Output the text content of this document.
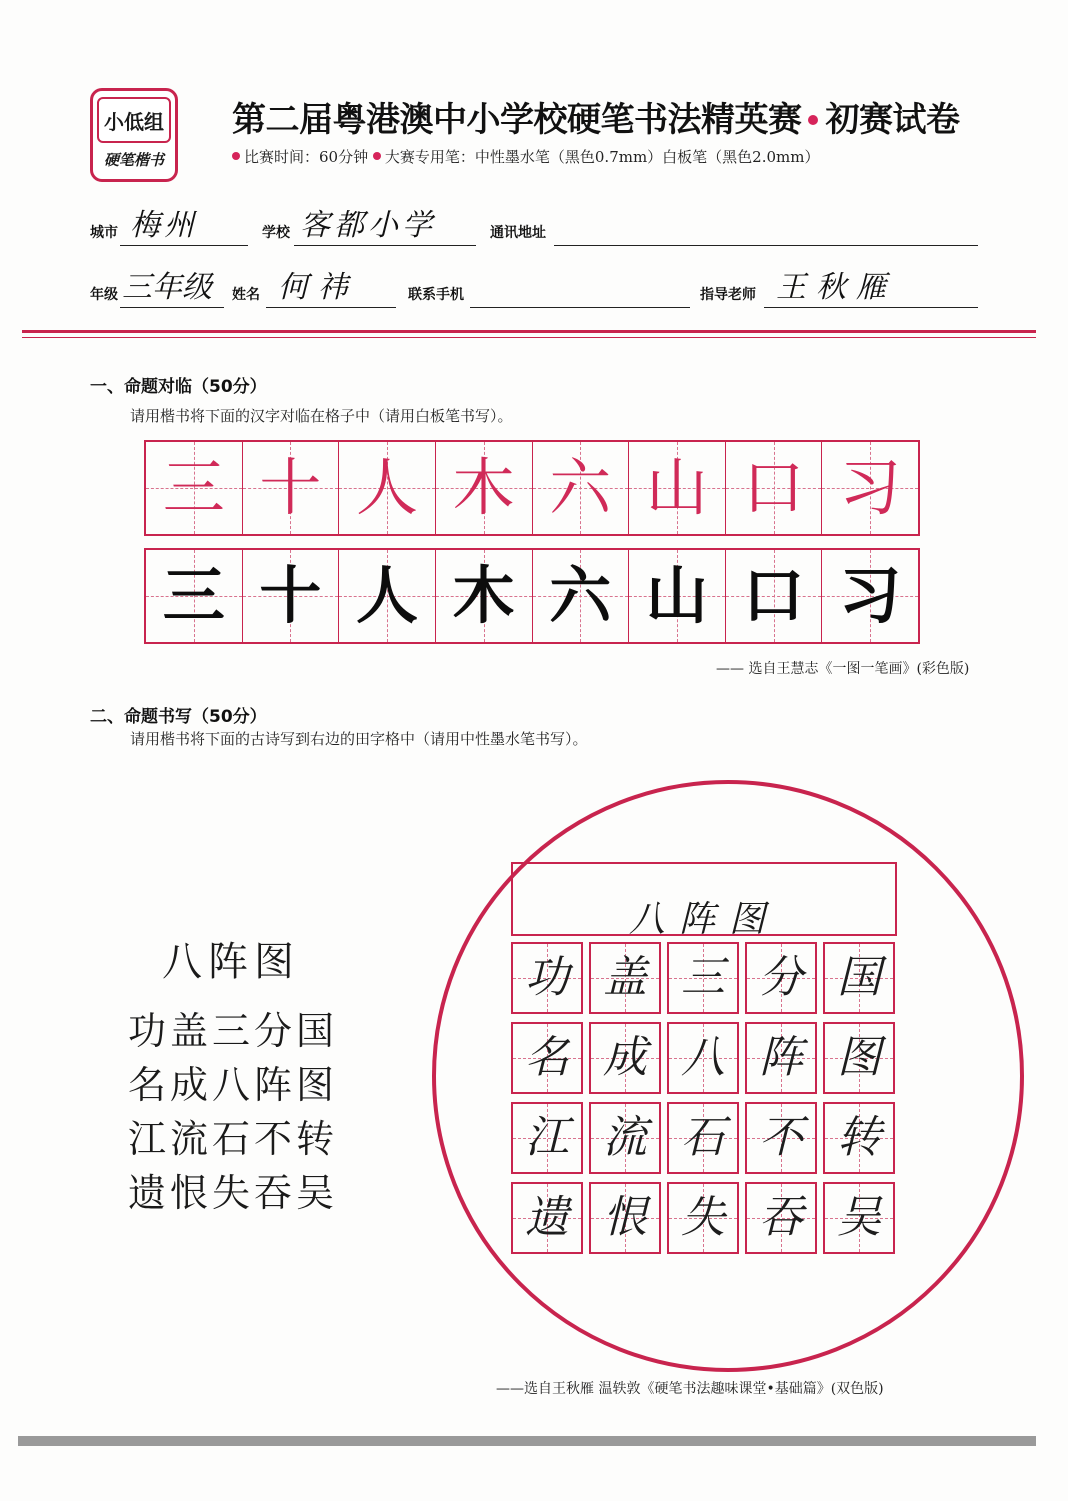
小低组
硬笔楷书
第二届粤港澳中小学校硬笔书法精英赛 初赛试卷
比赛时间：60分钟 大赛专用笔：中性墨水笔（黑色0.7mm）白板笔（黑色2.0mm）
城市 梅州	学校 客都小学	通讯地址
年级 三年级 姓名 何祎	联系手机	指导老师 王秋雁
一、命题对临（50分）
请用楷书将下面的汉字对临在格子中（请用白板笔书写）。
三 十 人 木 六 山 口 习
三 十 人 木 六 山 口 习
—— 选自王慧志《一图一笔画》(彩色版)
二、命题书写（50分）
请用楷书将下面的古诗写到右边的田字格中（请用中性墨水笔书写）。
八阵图
功盖三分国
名成八阵图
江流石不转
遗恨失吞吴
八阵图
功 盖 三 分 国
名 成 八 阵 图
江 流 石 不 转
遗 恨 失 吞 吴
——选自王秋雁 温轶敦《硬笔书法趣味课堂•基础篇》(双色版)
